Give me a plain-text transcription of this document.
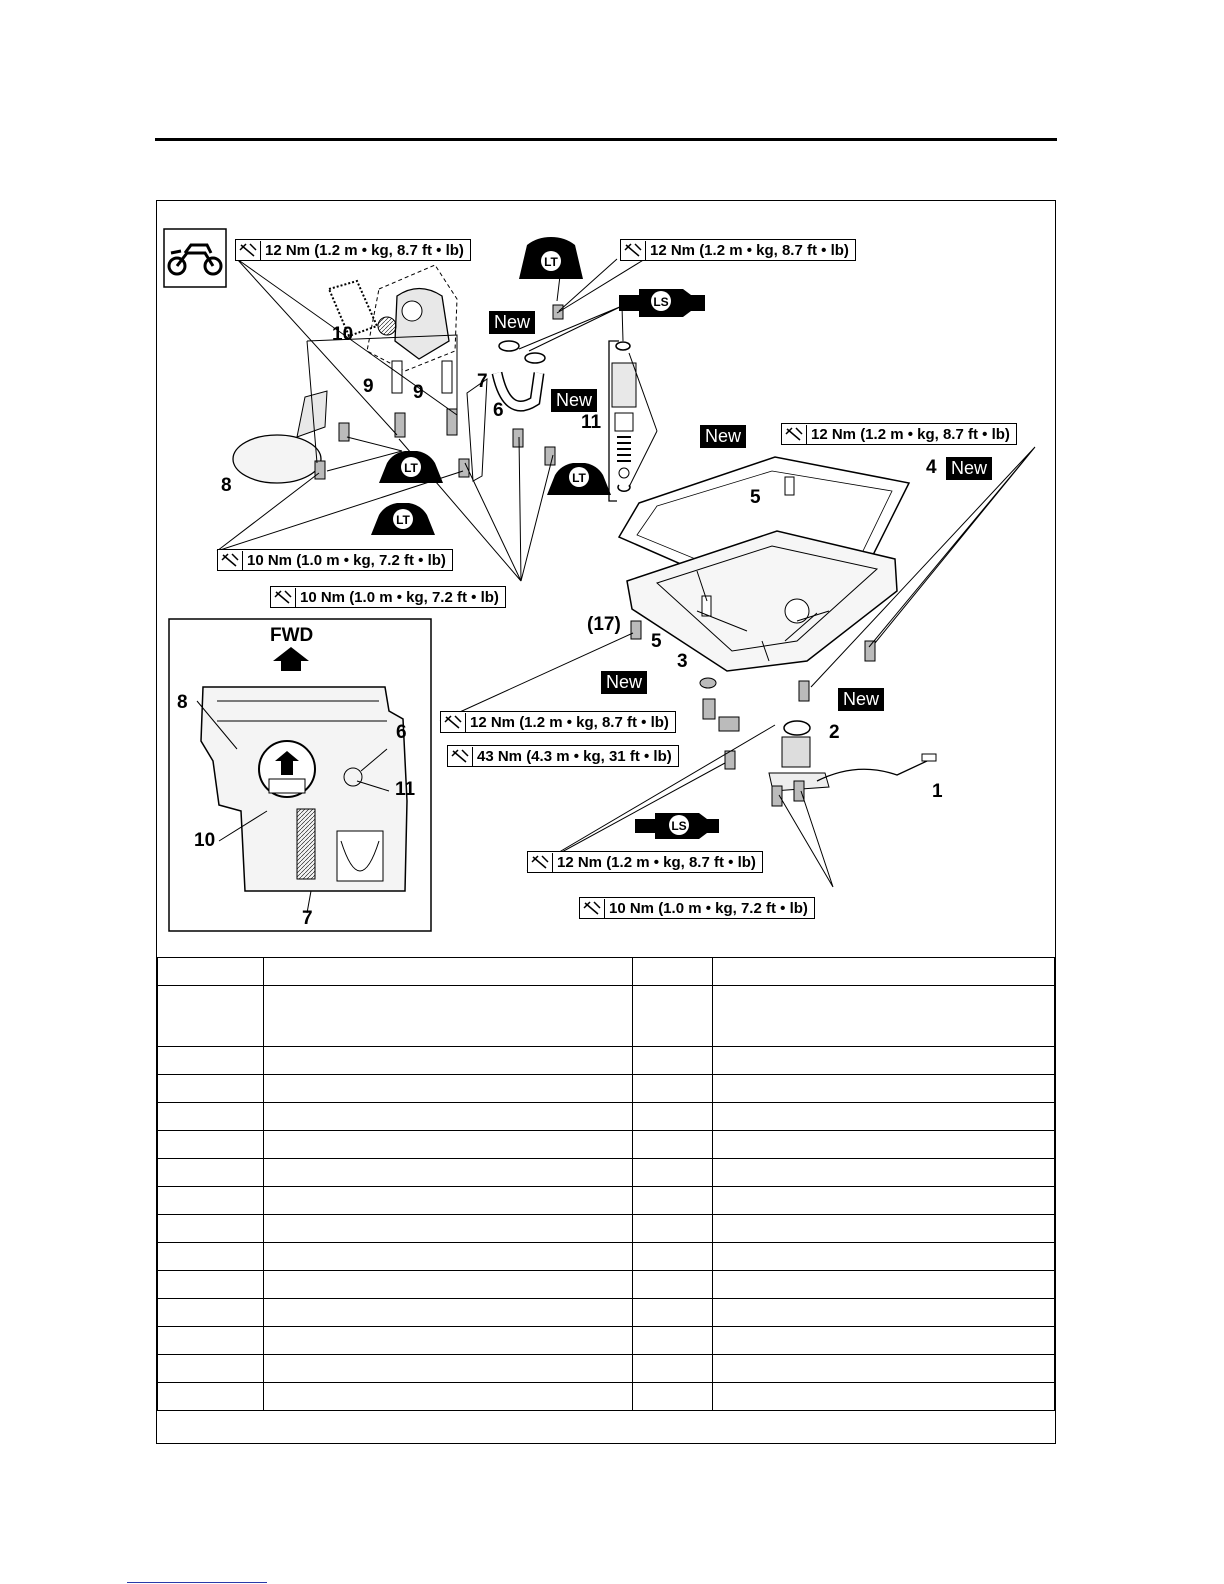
LT
LT
LT
LT
LS
LS
12 Nm (1.2 m • kg, 8.7 ft • lb)	12 Nm (1.2 m • kg, 8.7 ft • lb)
12 Nm (1.2 m • kg, 8.7 ft • lb)
10 Nm (1.0 m • kg, 7.2 ft • lb)
10 Nm (1.0 m • kg, 7.2 ft • lb)
12 Nm (1.2 m • kg, 8.7 ft • lb)
43 Nm (4.3 m • kg, 31 ft • lb)
12 Nm (1.2 m • kg, 8.7 ft • lb)
10 Nm (1.0 m • kg, 7.2 ft • lb)
New
New
New
New
New
New
10
9 9
7
6
11
8
4
5
5
3
2
1
(17)
FWD
8
6
11
10
7
